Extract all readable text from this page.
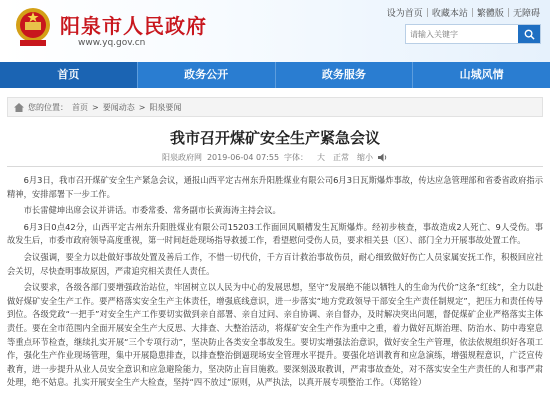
阳泉市人民政府
www.yq.gov.cn
设为首页 | 收藏本站 | 繁體版 | 无障碍
请输入关键字
首页	政务公开	政务服务	山城风情
您的位置： 首页 > 要闻动态 > 阳泉要闻
我市召开煤矿安全生产紧急会议
阳泉政府网 2019-06-04 07:55 字体： 大 正常 缩小

6月3日，我市召开煤矿安全生产紧急会议，通报山西平定古州东升阳胜煤业有限公司6月3日瓦斯爆炸事故，传达应急管理部和省委省政府指示精神，安排部署下一步工作。

市长雷健坤出席会议并讲话。市委常委、常务副市长黄海涛主持会议。

6月3日0点42分，山西平定古州东升阳胜煤业有限公司15203工作面回风顺槽发生瓦斯爆炸。经初步核查，事故造成2人死亡、9人受伤。事故发生后，市委市政府领导高度重视，第一时间赶赴现场指导救援工作，看望慰问受伤人员，要求相关县（区）、部门全力开展事故处置工作。

会议强调，要全力以赴做好事故处置及善后工作，不惜一切代价，千方百计救治事故伤员，耐心细致做好伤亡人员家属安抚工作，积极回应社会关切，尽快查明事故原因，严肃追究相关责任人责任。

会议要求，各级各部门要增强政治站位，牢固树立以人民为中心的发展思想，坚守“发展绝不能以牺牲人的生命为代价”这条“红线”，全力以赴做好煤矿安全生产工作。要严格落实安全生产主体责任，增强底线意识，进一步落实“地方党政领导干部安全生产责任制规定”，把压力和责任传导到位。各级党政“一把手”对安全生产工作要切实做到亲自部署、亲自过问、亲自协调、亲自督办，及时解决突出问题，督促煤矿企业严格落实主体责任。要在全市范围内全面开展安全生产大反思、大排查、大整治活动，将煤矿安全生产作为重中之重，着力做好瓦斯治理、防治水、防中毒窒息等重点环节检查，继续扎实开展“三个专项行动”，坚决防止各类安全事故发生。要切实增强法治意识，做好安全生产管理，依法依规组织好各项工作，强化生产作业现场管理，集中开展隐患排查，以排查整治倒逼现场安全管理水平提升。要强化培训教育和应急演练，增强规程意识，广泛宣传教育，进一步提升从业人员安全意识和应急避险能力，坚决防止盲目施救。要深刻汲取教训，严肃事故查处，对不落实安全生产责任的人和事严肃处理，绝不姑息。扎实开展安全生产大检查，坚持“四不放过”原则，从严执法，以真开展专项整治工作。（郑铭铨）
